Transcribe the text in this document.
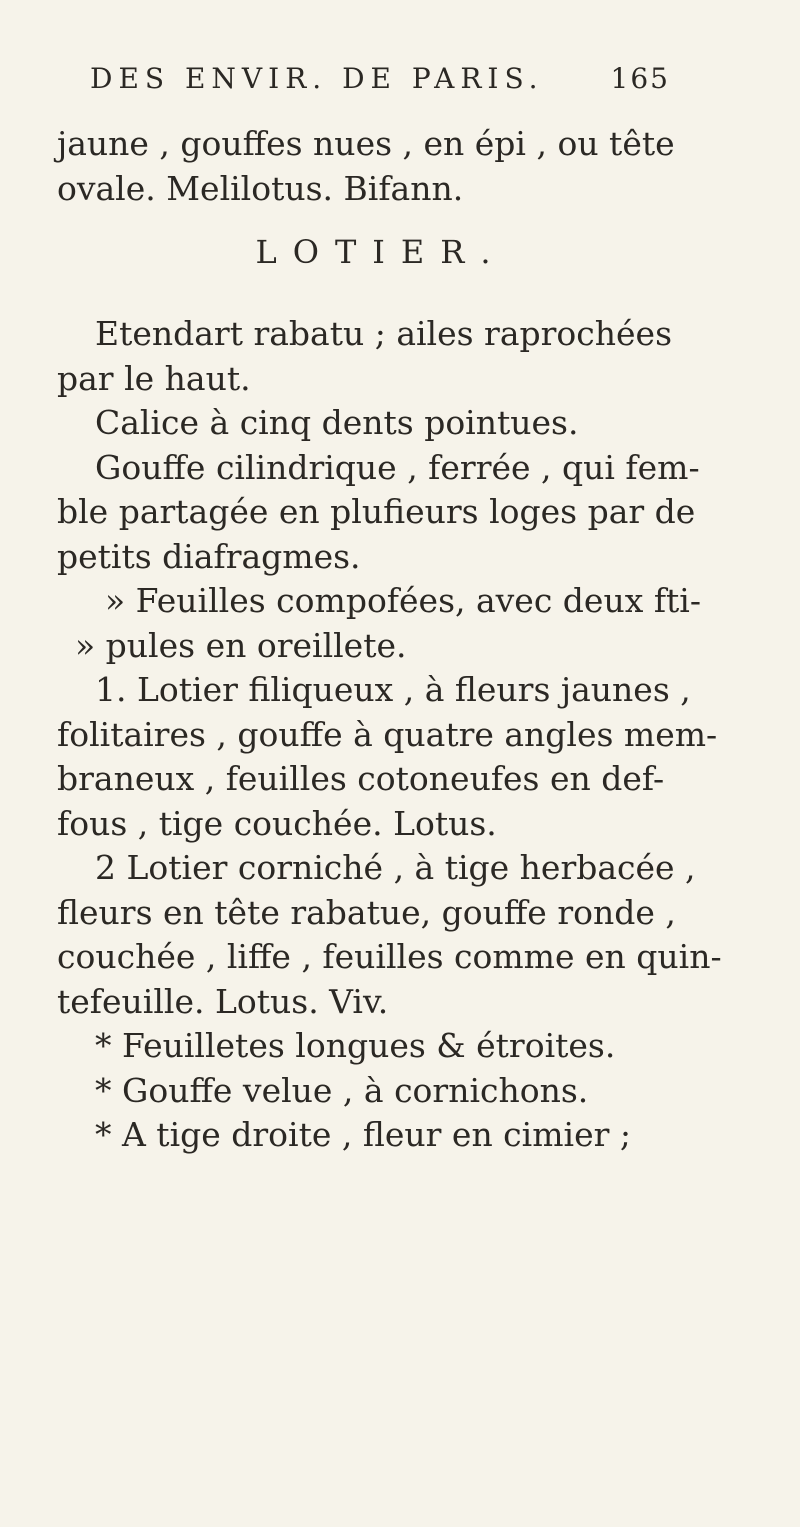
DES ENVIR. DE PARIS. 165
jaune , gouffes nues , en épi , ou tête
ovale. Melilotus. Bifann.
LOTIER.
Etendart rabatu ; ailes raprochées
par le haut.
Calice à cinq dents pointues.
Gouffe cilindrique , ferrée , qui fem-
ble partagée en plufieurs loges par de
petits diafragmes.
» Feuilles compofées, avec deux fti-
» pules en oreillete.
1. Lotier filiqueux , à fleurs jaunes ,
folitaires , gouffe à quatre angles mem-
braneux , feuilles cotoneufes en def-
fous , tige couchée. Lotus.
2 Lotier corniché , à tige herbacée ,
fleurs en tête rabatue, gouffe ronde ,
couchée , liffe , feuilles comme en quin-
tefeuille. Lotus. Viv.
* Feuilletes longues & étroites.
* Gouffe velue , à cornichons.
* A tige droite , fleur en cimier ;
